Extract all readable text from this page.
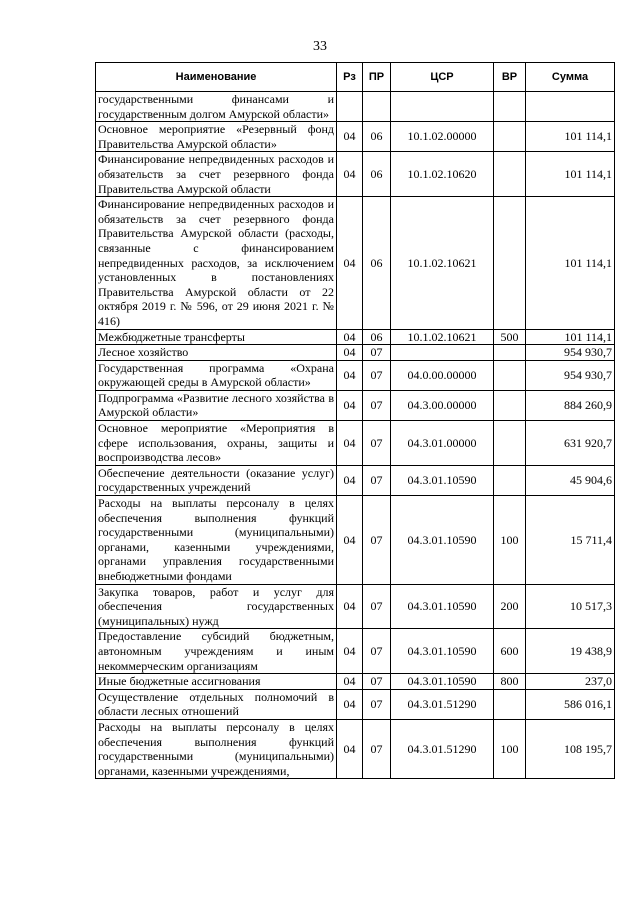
33
Наименование	Рз	ПР	ЦСР	ВР	Сумма
государственными финансами и государственным долгом Амурской области»					
Основное мероприятие «Резервный фонд Правительства Амурской области»	04	06	10.1.02.00000		101 114,1
Финансирование непредвиденных расходов и обязательств за счет резервного фонда Правительства Амурской области	04	06	10.1.02.10620		101 114,1
Финансирование непредвиденных расходов и обязательств за счет резервного фонда Правительства Амурской области (расходы, связанные с финансированием непредвиденных расходов, за исключением установленных в постановлениях Правительства Амурской области от 22 октября 2019 г. № 596, от 29 июня 2021 г. № 416)	04	06	10.1.02.10621		101 114,1
Межбюджетные трансферты	04	06	10.1.02.10621	500	101 114,1
Лесное хозяйство	04	07			954 930,7
Государственная программа «Охрана окружающей среды в Амурской области»	04	07	04.0.00.00000		954 930,7
Подпрограмма «Развитие лесного хозяйства в Амурской области»	04	07	04.3.00.00000		884 260,9
Основное мероприятие «Мероприятия в сфере использования, охраны, защиты и воспроизводства лесов»	04	07	04.3.01.00000		631 920,7
Обеспечение деятельности (оказание услуг) государственных учреждений	04	07	04.3.01.10590		45 904,6
Расходы на выплаты персоналу в целях обеспечения выполнения функций государственными (муниципальными) органами, казенными учреждениями, органами управления государственными внебюджетными фондами	04	07	04.3.01.10590	100	15 711,4
Закупка товаров, работ и услуг для обеспечения государственных (муниципальных) нужд	04	07	04.3.01.10590	200	10 517,3
Предоставление субсидий бюджетным, автономным учреждениям и иным некоммерческим организациям	04	07	04.3.01.10590	600	19 438,9
Иные бюджетные ассигнования	04	07	04.3.01.10590	800	237,0
Осуществление отдельных полномочий в области лесных отношений	04	07	04.3.01.51290		586 016,1
Расходы на выплаты персоналу в целях обеспечения выполнения функций государственными (муниципальными) органами, казенными учреждениями,	04	07	04.3.01.51290	100	108 195,7
